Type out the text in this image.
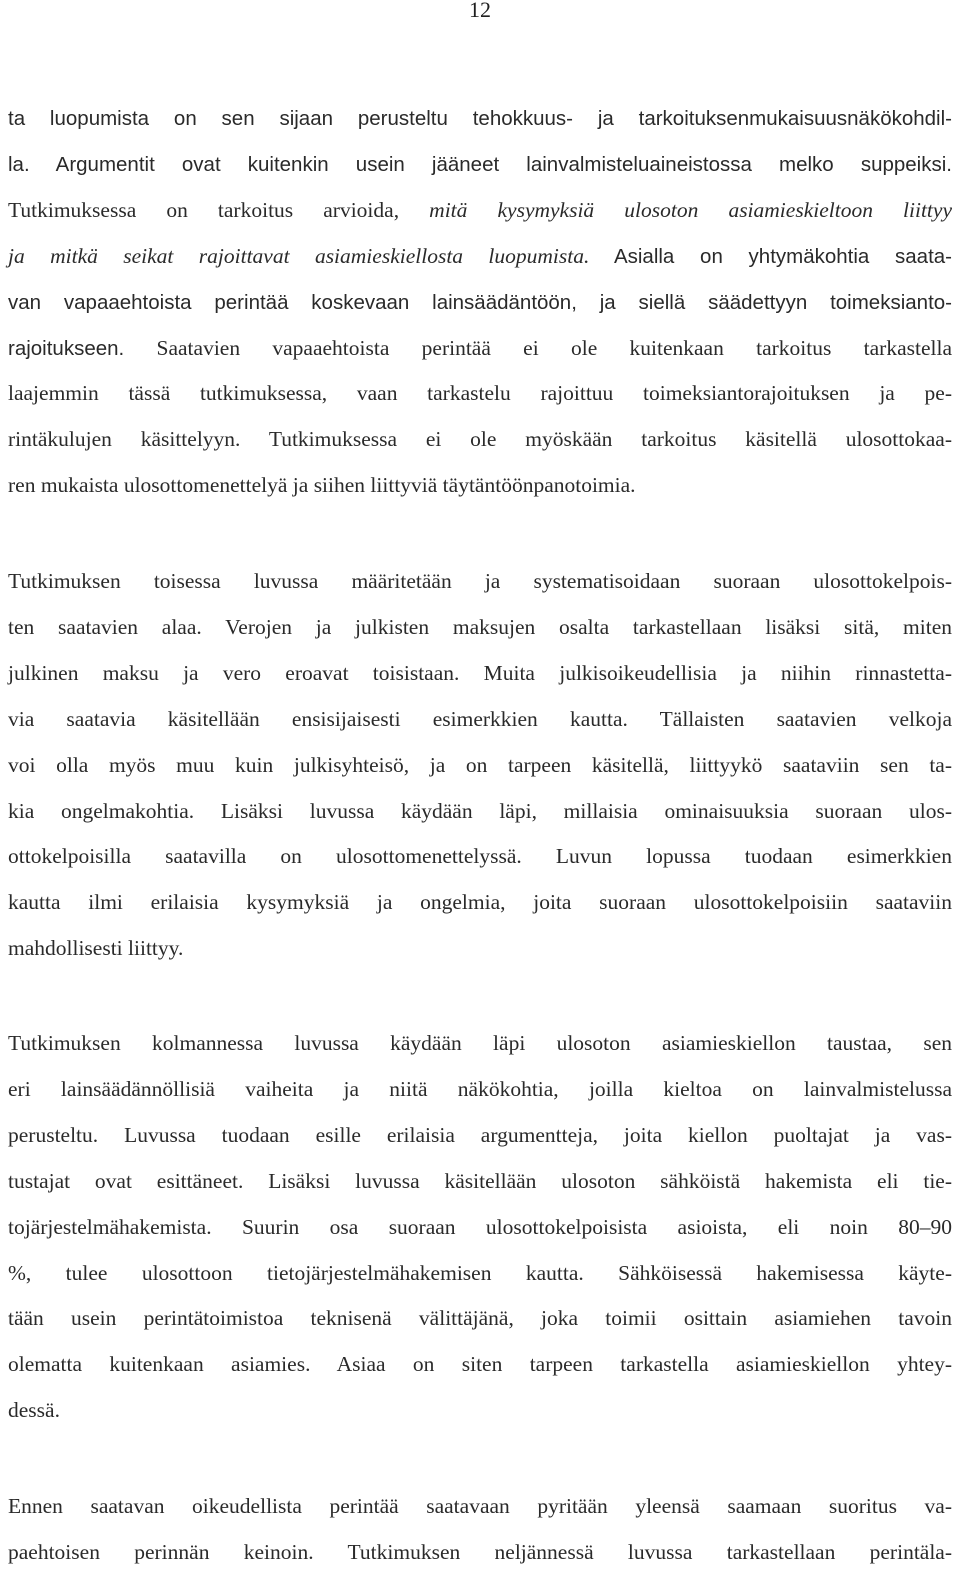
12
ta luopumista on sen sijaan perusteltu tehokkuus- ja tarkoituksenmukaisuusnäkökohdil-
la. Argumentit ovat kuitenkin usein jääneet lainvalmisteluaineistossa melko suppeiksi.
Tutkimuksessa on tarkoitus arvioida, mitä kysymyksiä ulosoton asiamieskieltoon liittyy
ja mitkä seikat rajoittavat asiamieskiellosta luopumista. Asialla on yhtymäkohtia saata-
van vapaaehtoista perintää koskevaan lainsäädäntöön, ja siellä säädettyyn toimeksianto-
rajoitukseen. Saatavien vapaaehtoista perintää ei ole kuitenkaan tarkoitus tarkastella
laajemmin tässä tutkimuksessa, vaan tarkastelu rajoittuu toimeksiantorajoituksen ja pe-
rintäkulujen käsittelyyn. Tutkimuksessa ei ole myöskään tarkoitus käsitellä ulosottokaa-
ren mukaista ulosottomenettelyä ja siihen liittyviä täytäntöönpanotoimia.
Tutkimuksen toisessa luvussa määritetään ja systematisoidaan suoraan ulosottokelpois-
ten saatavien alaa. Verojen ja julkisten maksujen osalta tarkastellaan lisäksi sitä, miten
julkinen maksu ja vero eroavat toisistaan. Muita julkisoikeudellisia ja niihin rinnastetta-
via saatavia käsitellään ensisijaisesti esimerkkien kautta. Tällaisten saatavien velkoja
voi olla myös muu kuin julkisyhteisö, ja on tarpeen käsitellä, liittyykö saataviin sen ta-
kia ongelmakohtia. Lisäksi luvussa käydään läpi, millaisia ominaisuuksia suoraan ulos-
ottokelpoisilla saatavilla on ulosottomenettelyssä. Luvun lopussa tuodaan esimerkkien
kautta ilmi erilaisia kysymyksiä ja ongelmia, joita suoraan ulosottokelpoisiin saataviin
mahdollisesti liittyy.
Tutkimuksen kolmannessa luvussa käydään läpi ulosoton asiamieskiellon taustaa, sen
eri lainsäädännöllisiä vaiheita ja niitä näkökohtia, joilla kieltoa on lainvalmistelussa
perusteltu. Luvussa tuodaan esille erilaisia argumentteja, joita kiellon puoltajat ja vas-
tustajat ovat esittäneet. Lisäksi luvussa käsitellään ulosoton sähköistä hakemista eli tie-
tojärjestelmähakemista. Suurin osa suoraan ulosottokelpoisista asioista, eli noin 80–90
%, tulee ulosottoon tietojärjestelmähakemisen kautta. Sähköisessä hakemisessa käyte-
tään usein perintätoimistoa teknisenä välittäjänä, joka toimii osittain asiamiehen tavoin
olematta kuitenkaan asiamies. Asiaa on siten tarpeen tarkastella asiamieskiellon yhtey-
dessä.
Ennen saatavan oikeudellista perintää saatavaan pyritään yleensä saamaan suoritus va-
paehtoisen perinnän keinoin. Tutkimuksen neljännessä luvussa tarkastellaan perintäla-
